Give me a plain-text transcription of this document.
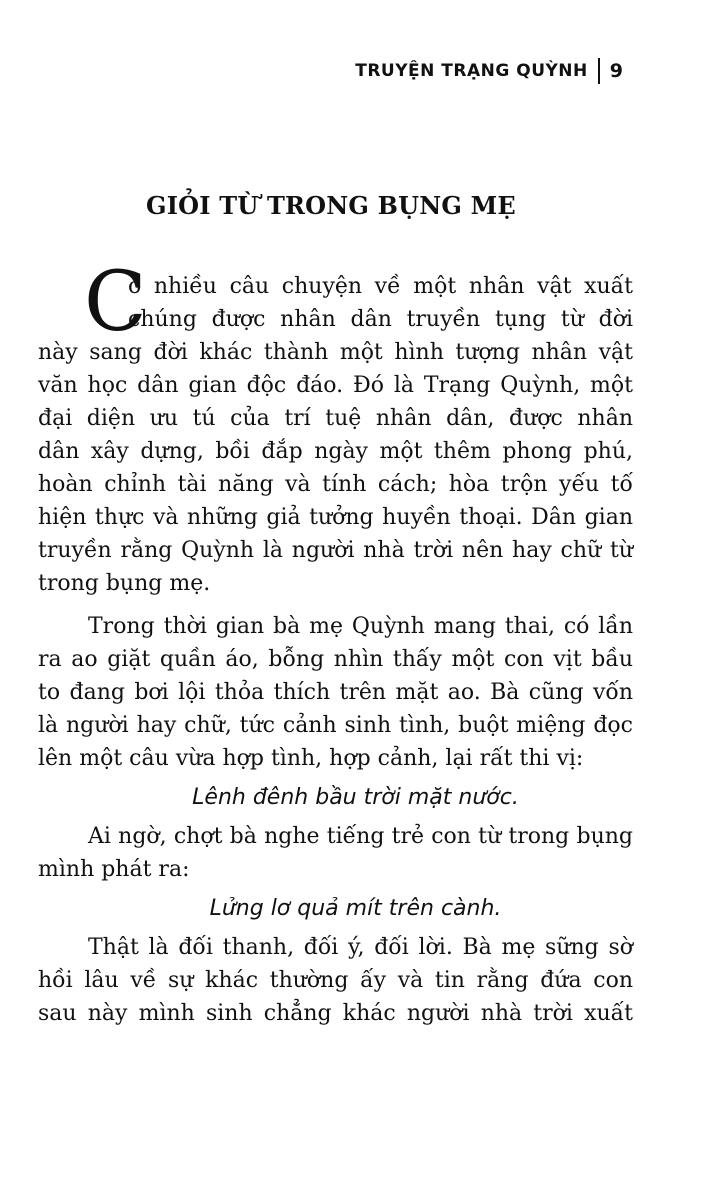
TRUYỆN TRẠNG QUỲNH 9
GIỎI TỪ TRONG BỤNG MẸ
C
ó nhiều câu chuyện về một nhân vật xuất
chúng được nhân dân truyền tụng từ đời
này sang đời khác thành một hình tượng nhân vật
văn học dân gian độc đáo. Đó là Trạng Quỳnh, một
đại diện ưu tú của trí tuệ nhân dân, được nhân
dân xây dựng, bồi đắp ngày một thêm phong phú,
hoàn chỉnh tài năng và tính cách; hòa trộn yếu tố
hiện thực và những giả tưởng huyền thoại. Dân gian
truyền rằng Quỳnh là người nhà trời nên hay chữ từ
trong bụng mẹ.
Trong thời gian bà mẹ Quỳnh mang thai, có lần
ra ao giặt quần áo, bỗng nhìn thấy một con vịt bầu
to đang bơi lội thỏa thích trên mặt ao. Bà cũng vốn
là người hay chữ, tức cảnh sinh tình, buột miệng đọc
lên một câu vừa hợp tình, hợp cảnh, lại rất thi vị:
Lênh đênh bầu trời mặt nước.
Ai ngờ, chợt bà nghe tiếng trẻ con từ trong bụng
mình phát ra:
Lửng lơ quả mít trên cành.
Thật là đối thanh, đối ý, đối lời. Bà mẹ sững sờ
hồi lâu về sự khác thường ấy và tin rằng đứa con
sau này mình sinh chẳng khác người nhà trời xuất
